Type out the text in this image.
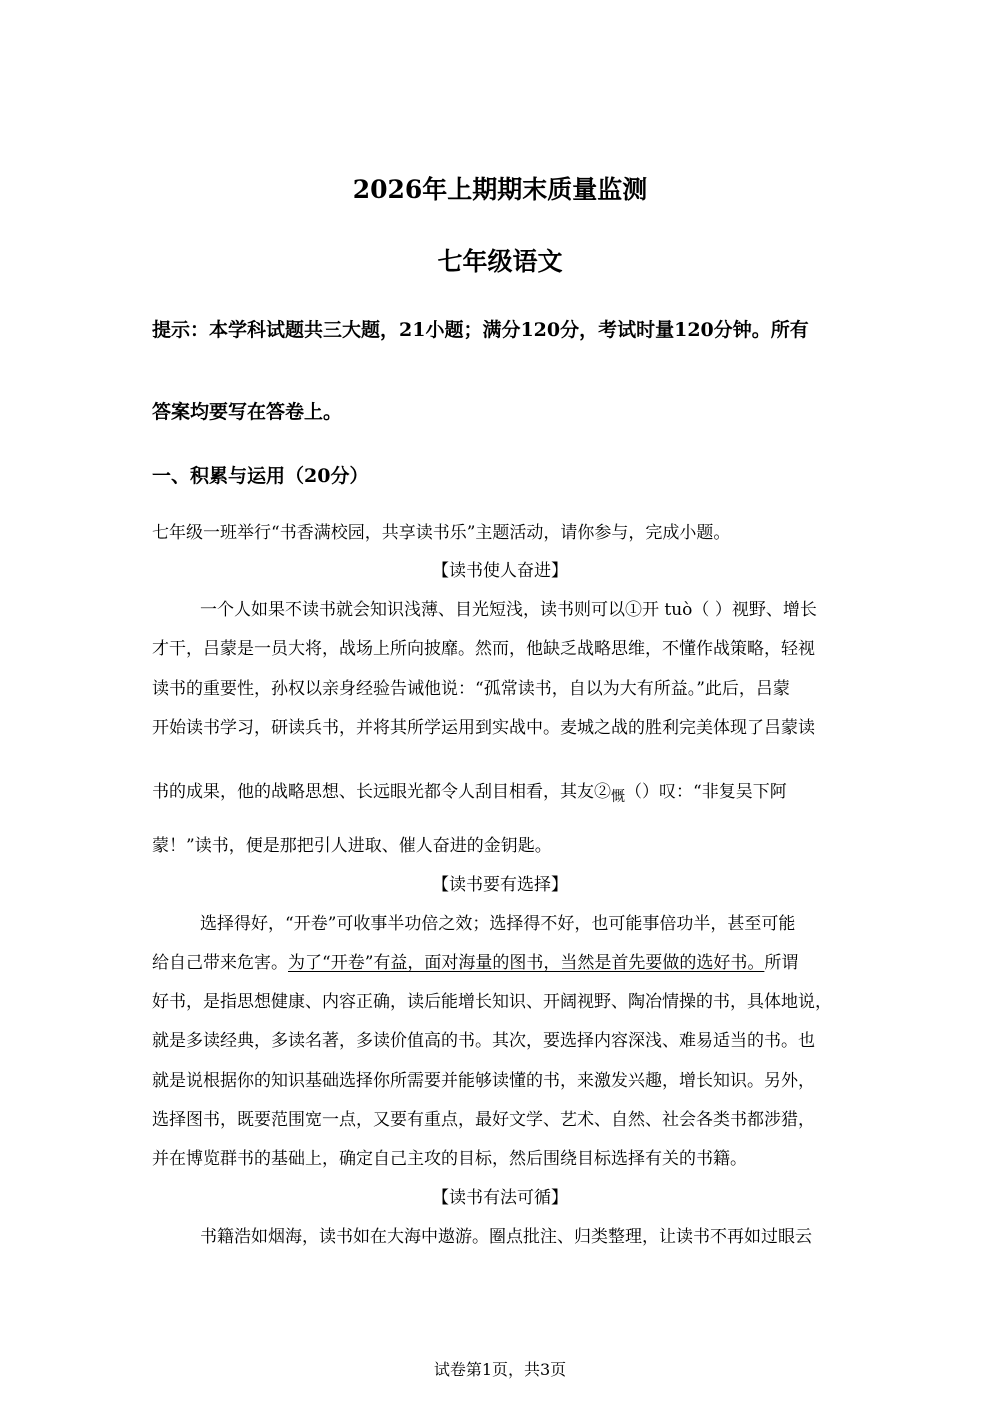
2026年上期期末质量监测
七年级语文

提示：本学科试题共三大题，21小题；满分120分，考试时量120分钟。所有

答案均要写在答卷上。

一、积累与运用（20分）

七年级一班举行“书香满校园，共享读书乐”主题活动，请你参与，完成小题。

【读书使人奋进】

一个人如果不读书就会知识浅薄、目光短浅，读书则可以①开 tuò（ ）视野、增长

才干，吕蒙是一员大将，战场上所向披靡。然而，他缺乏战略思维，不懂作战策略，轻视

读书的重要性，孙权以亲身经验告诫他说：“孤常读书，自以为大有所益。”此后，吕蒙

开始读书学习，研读兵书，并将其所学运用到实战中。麦城之战的胜利完美体现了吕蒙读

书的成果，他的战略思想、长远眼光都令人刮目相看，其友$②_慨()$叹：“非复吴下阿

蒙！”读书，便是那把引人进取、催人奋进的金钥匙。

【读书要有选择】

选择得好，“开卷”可收事半功倍之效；选择得不好，也可能事倍功半，甚至可能

给自己带来危害。为了“开卷”有益，面对海量的图书，当然是首先要做的选好书。所谓

好书，是指思想健康、内容正确，读后能增长知识、开阔视野、陶冶情操的书，具体地说，

就是多读经典，多读名著，多读价值高的书。其次，要选择内容深浅、难易适当的书。也

就是说根据你的知识基础选择你所需要并能够读懂的书，来激发兴趣，增长知识。另外，

选择图书，既要范围宽一点，又要有重点，最好文学、艺术、自然、社会各类书都涉猎，

并在博览群书的基础上，确定自己主攻的目标，然后围绕目标选择有关的书籍。

【读书有法可循】

书籍浩如烟海，读书如在大海中遨游。圈点批注、归类整理，让读书不再如过眼云

试卷第1页，共3页
